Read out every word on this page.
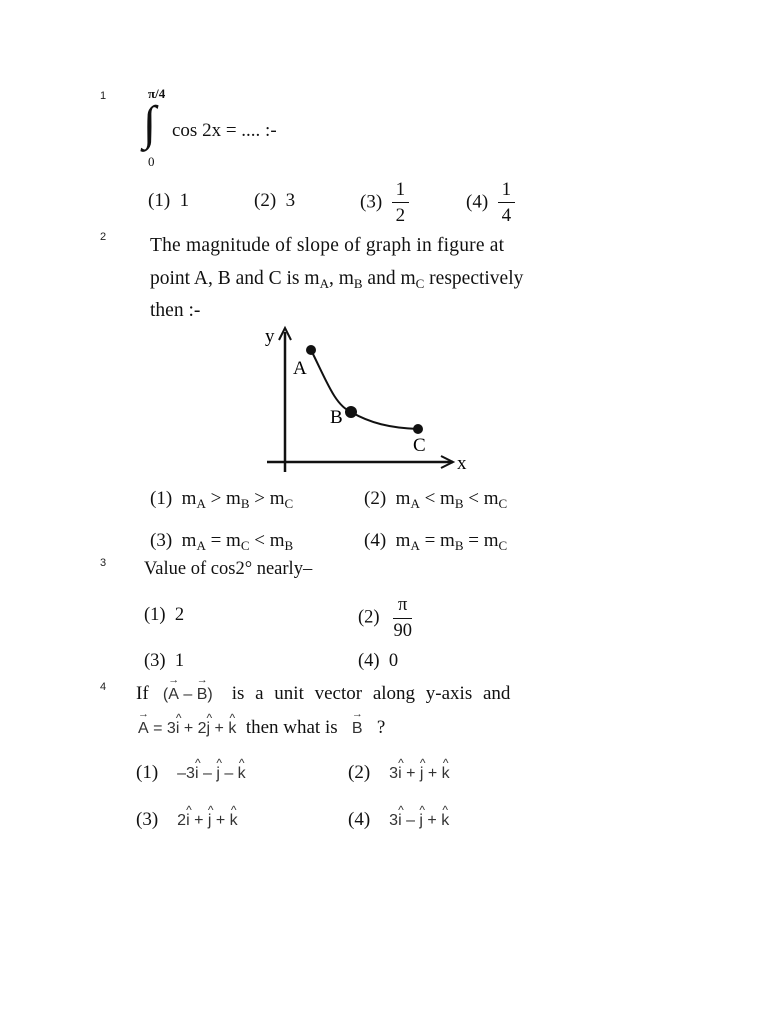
1	π/4
∫
0
cos 2x = .... :-
(1) 1	(2) 3	$(3) \frac{1}{2}$	$(4) \frac{1}{4}$
2 The magnitude of slope of graph in figure at
point A, B and C is $m_A$, $m_B$ and $m_C$ respectively
then :-
y
x
A
B
C
(1) $m_A > m_B > m_C$	(2) $m_A < m_B < m_C$
(3) $m_A = m_C < m_B$	(4) $m_A = m_B = m_C$
3 Value of cos2° nearly–
(1) 2	$(2) \frac{\pi}{90}$
(3) 1	(4) 0
4 If (→ A – → B) is a unit vector along y-axis and
→ A = 3^ i + 2^ j + ^ k then what is   → B ?
(1) –3^ i – ^ j – ^ k	(2) 3^ i + ^ j + ^ k
(3) 2^ i + ^ j + ^ k	(4) 3^ i – ^ j + ^ k
